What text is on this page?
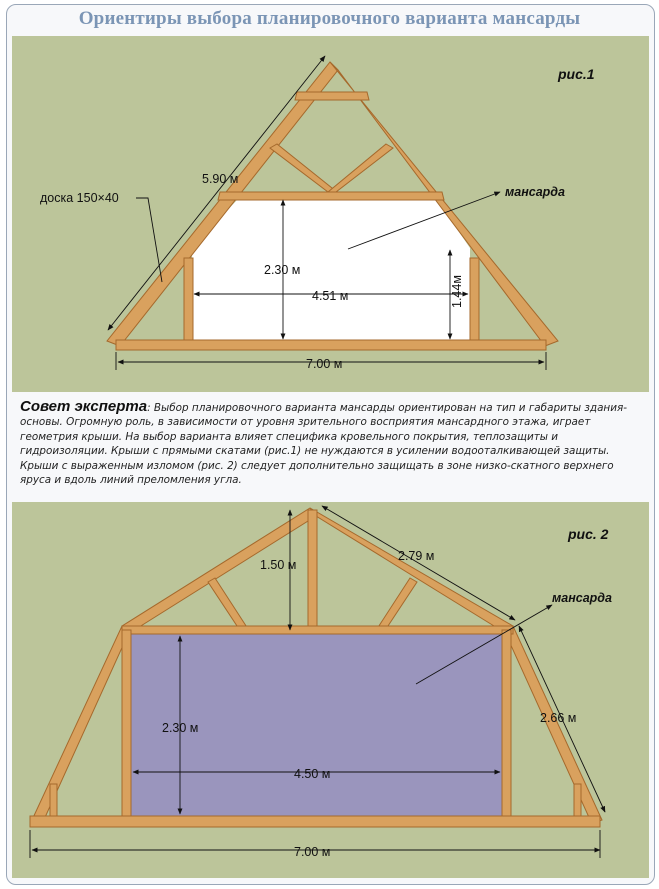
Ориентиры выбора планировочного варианта мансарды
рис.1
мансарда
доска 150×40
5.90 м
2.30 м
4.51 м	1.44м
7.00 м
Совет эксперта: Выбор планировочного варианта мансарды ориентирован на тип и габариты здания-основы. Огромную роль, в зависимости от уровня зрительного восприятия мансардного этажа, играет геометрия крыши. На выбор варианта влияет специфика кровельного покрытия, теплозащиты и гидроизоляции. Крыши с прямыми скатами (рис.1) не нуждаются в усилении водооталкивающей защиты. Крыши с выраженным изломом (рис. 2) следует дополнительно защищать в зоне низко-скатного верхнего яруса и вдоль линий преломления угла.
рис. 2
мансарда
1.50 м
2.79 м
2.66 м
2.30 м
4.50 м
7.00 м
